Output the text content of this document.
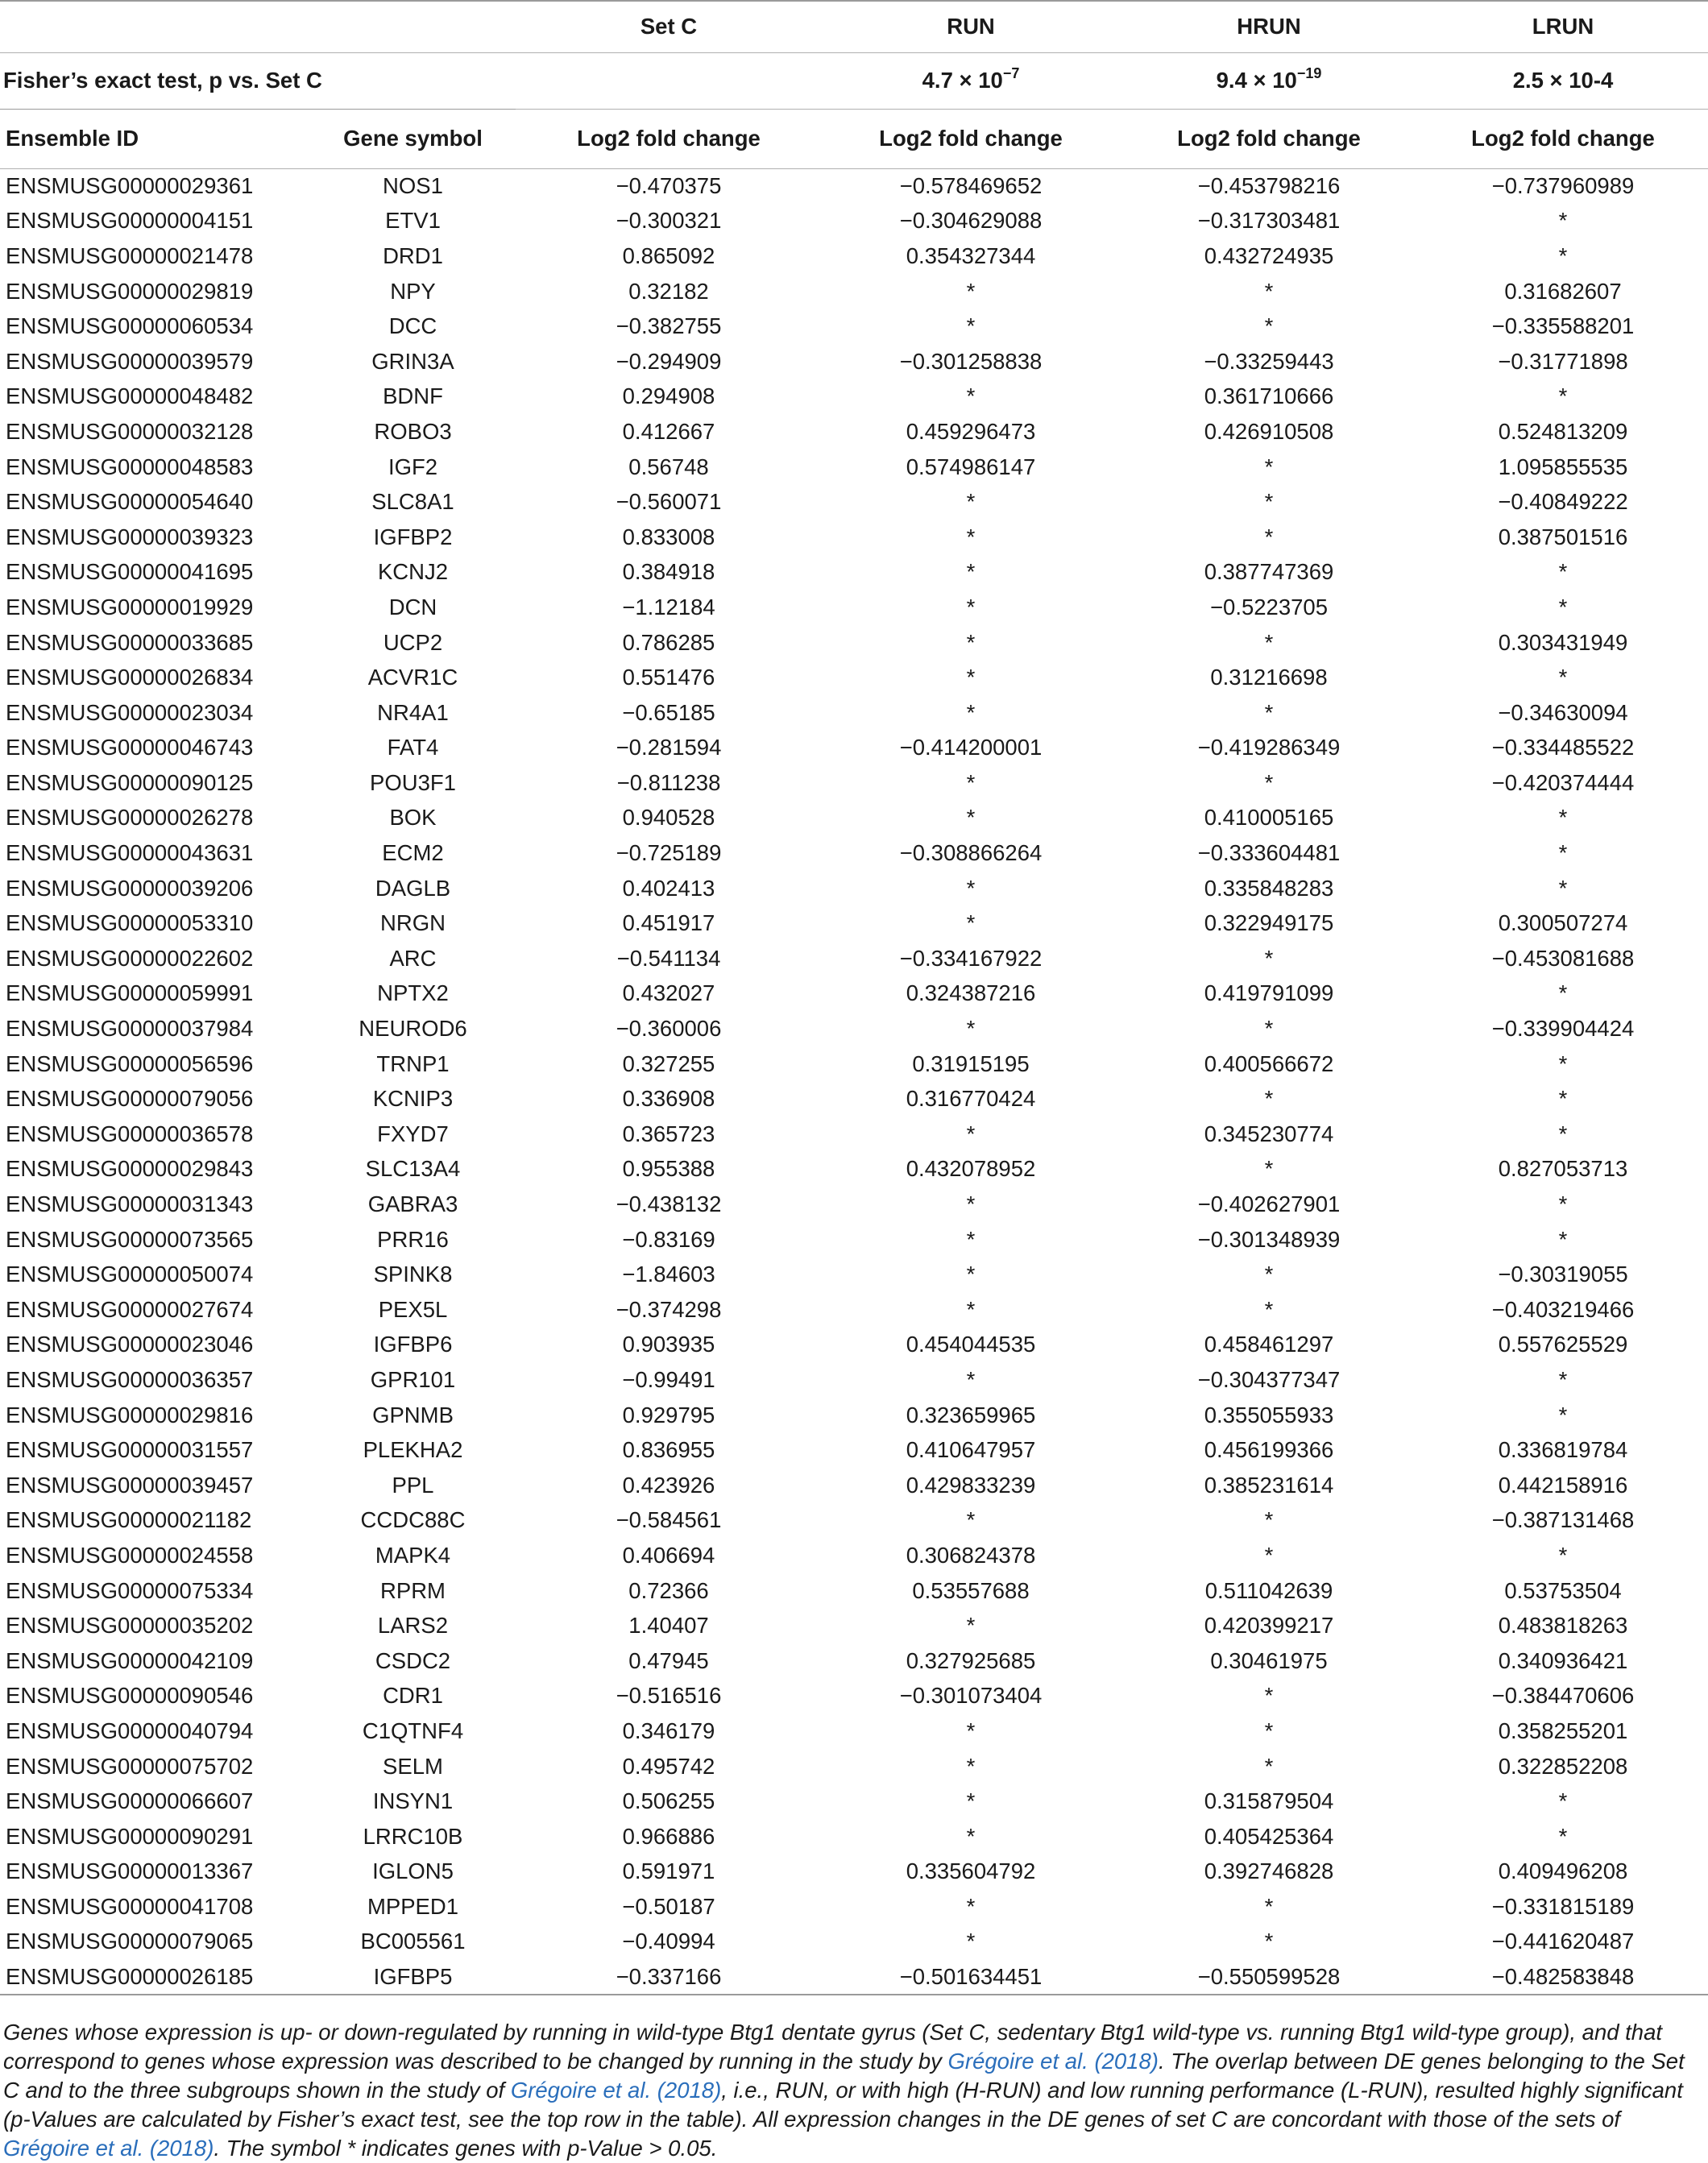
		Set C	RUN	HRUN	LRUN
Fisher’s exact test, p vs. Set C			$4.7 \times 10^{-7}$	$9.4 \times 10^{-19}$	2.5 × 10-4
Ensemble ID	Gene symbol	Log2 fold change	Log2 fold change	Log2 fold change	Log2 fold change
ENSMUSG00000029361	NOS1	−0.470375	−0.578469652	−0.453798216	−0.737960989
ENSMUSG00000004151	ETV1	−0.300321	−0.304629088	−0.317303481	*
ENSMUSG00000021478	DRD1	0.865092	0.354327344	0.432724935	*
ENSMUSG00000029819	NPY	0.32182	*	*	0.31682607
ENSMUSG00000060534	DCC	−0.382755	*	*	−0.335588201
ENSMUSG00000039579	GRIN3A	−0.294909	−0.301258838	−0.33259443	−0.31771898
ENSMUSG00000048482	BDNF	0.294908	*	0.361710666	*
ENSMUSG00000032128	ROBO3	0.412667	0.459296473	0.426910508	0.524813209
ENSMUSG00000048583	IGF2	0.56748	0.574986147	*	1.095855535
ENSMUSG00000054640	SLC8A1	−0.560071	*	*	−0.40849222
ENSMUSG00000039323	IGFBP2	0.833008	*	*	0.387501516
ENSMUSG00000041695	KCNJ2	0.384918	*	0.387747369	*
ENSMUSG00000019929	DCN	−1.12184	*	−0.5223705	*
ENSMUSG00000033685	UCP2	0.786285	*	*	0.303431949
ENSMUSG00000026834	ACVR1C	0.551476	*	0.31216698	*
ENSMUSG00000023034	NR4A1	−0.65185	*	*	−0.34630094
ENSMUSG00000046743	FAT4	−0.281594	−0.414200001	−0.419286349	−0.334485522
ENSMUSG00000090125	POU3F1	−0.811238	*	*	−0.420374444
ENSMUSG00000026278	BOK	0.940528	*	0.410005165	*
ENSMUSG00000043631	ECM2	−0.725189	−0.308866264	−0.333604481	*
ENSMUSG00000039206	DAGLB	0.402413	*	0.335848283	*
ENSMUSG00000053310	NRGN	0.451917	*	0.322949175	0.300507274
ENSMUSG00000022602	ARC	−0.541134	−0.334167922	*	−0.453081688
ENSMUSG00000059991	NPTX2	0.432027	0.324387216	0.419791099	*
ENSMUSG00000037984	NEUROD6	−0.360006	*	*	−0.339904424
ENSMUSG00000056596	TRNP1	0.327255	0.31915195	0.400566672	*
ENSMUSG00000079056	KCNIP3	0.336908	0.316770424	*	*
ENSMUSG00000036578	FXYD7	0.365723	*	0.345230774	*
ENSMUSG00000029843	SLC13A4	0.955388	0.432078952	*	0.827053713
ENSMUSG00000031343	GABRA3	−0.438132	*	−0.402627901	*
ENSMUSG00000073565	PRR16	−0.83169	*	−0.301348939	*
ENSMUSG00000050074	SPINK8	−1.84603	*	*	−0.30319055
ENSMUSG00000027674	PEX5L	−0.374298	*	*	−0.403219466
ENSMUSG00000023046	IGFBP6	0.903935	0.454044535	0.458461297	0.557625529
ENSMUSG00000036357	GPR101	−0.99491	*	−0.304377347	*
ENSMUSG00000029816	GPNMB	0.929795	0.323659965	0.355055933	*
ENSMUSG00000031557	PLEKHA2	0.836955	0.410647957	0.456199366	0.336819784
ENSMUSG00000039457	PPL	0.423926	0.429833239	0.385231614	0.442158916
ENSMUSG00000021182	CCDC88C	−0.584561	*	*	−0.387131468
ENSMUSG00000024558	MAPK4	0.406694	0.306824378	*	*
ENSMUSG00000075334	RPRM	0.72366	0.53557688	0.511042639	0.53753504
ENSMUSG00000035202	LARS2	1.40407	*	0.420399217	0.483818263
ENSMUSG00000042109	CSDC2	0.47945	0.327925685	0.30461975	0.340936421
ENSMUSG00000090546	CDR1	−0.516516	−0.301073404	*	−0.384470606
ENSMUSG00000040794	C1QTNF4	0.346179	*	*	0.358255201
ENSMUSG00000075702	SELM	0.495742	*	*	0.322852208
ENSMUSG00000066607	INSYN1	0.506255	*	0.315879504	*
ENSMUSG00000090291	LRRC10B	0.966886	*	0.405425364	*
ENSMUSG00000013367	IGLON5	0.591971	0.335604792	0.392746828	0.409496208
ENSMUSG00000041708	MPPED1	−0.50187	*	*	−0.331815189
ENSMUSG00000079065	BC005561	−0.40994	*	*	−0.441620487
ENSMUSG00000026185	IGFBP5	−0.337166	−0.501634451	−0.550599528	−0.482583848
Genes whose expression is up- or down-regulated by running in wild-type Btg1 dentate gyrus (Set C, sedentary Btg1 wild-type vs. running Btg1 wild-type group), and that correspond to genes whose expression was described to be changed by running in the study by Grégoire et al. (2018). The overlap between DE genes belonging to the Set C and to the three subgroups shown in the study of Grégoire et al. (2018), i.e., RUN, or with high (H-RUN) and low running performance (L-RUN), resulted highly significant (p-Values are calculated by Fisher’s exact test, see the top row in the table). All expression changes in the DE genes of set C are concordant with those of the sets of Grégoire et al. (2018). The symbol * indicates genes with p-Value > 0.05.
